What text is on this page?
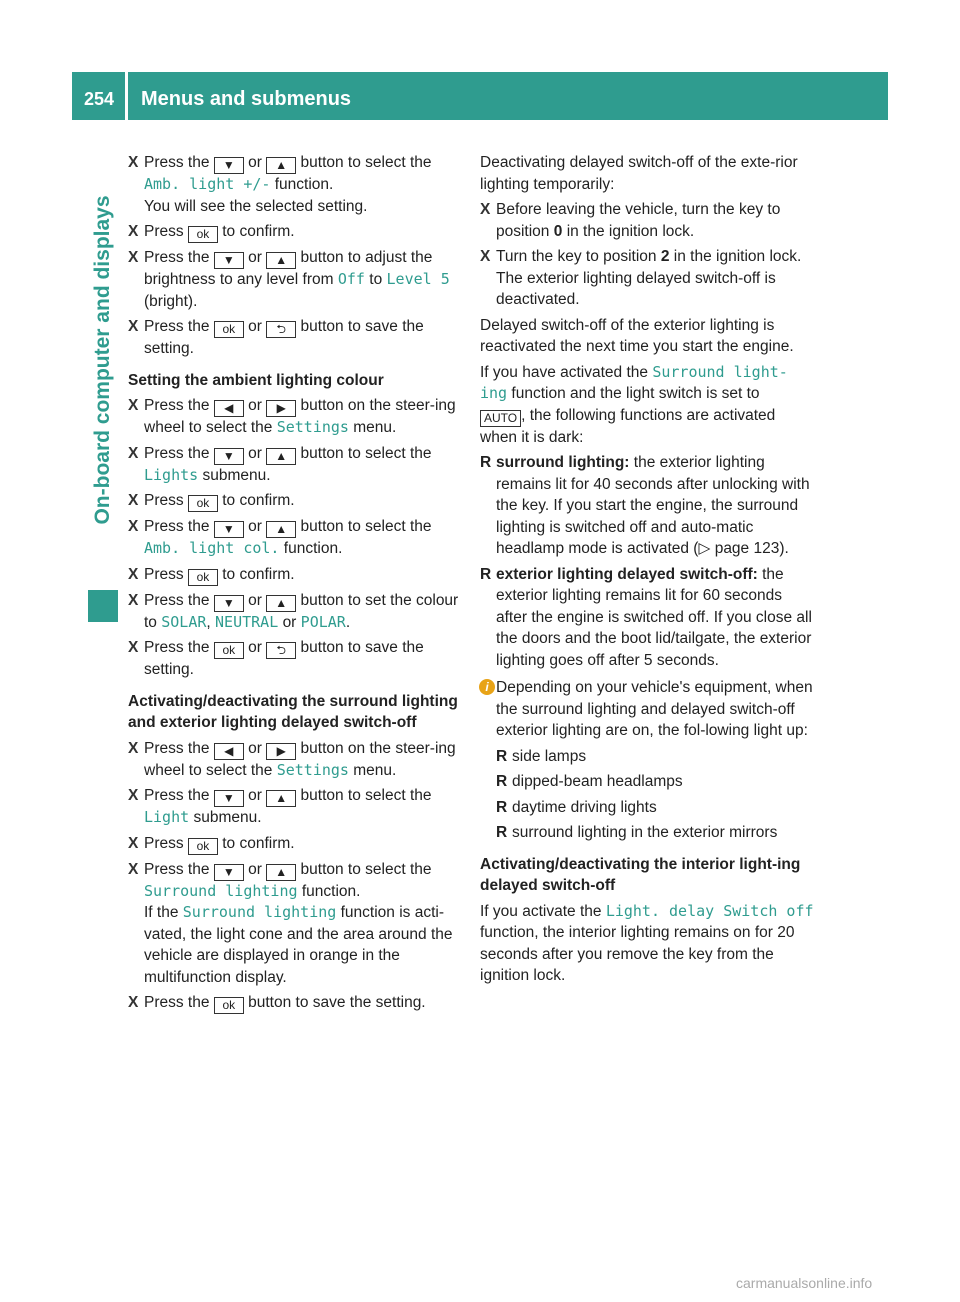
254 Menus and submenus
On-board computer and displays
X Press the ▼ or ▲ button to select the Amb. light +/- function.
You will see the selected setting.
X Press ok to confirm.
X Press the ▼ or ▲ button to adjust the brightness to any level from Off to Level 5 (bright).
X Press the ok or ⮌ button to save the setting.
Setting the ambient lighting colour
X Press the ◀ or ▶ button on the steer-ing wheel to select the Settings menu.
X Press the ▼ or ▲ button to select the Lights submenu.
X Press ok to confirm.
X Press the ▼ or ▲ button to select the Amb. light col. function.
X Press ok to confirm.
X Press the ▼ or ▲ button to set the colour to SOLAR, NEUTRAL or POLAR.
X Press the ok or ⮌ button to save the setting.
Activating/deactivating the surround lighting and exterior lighting delayed switch-off
X Press the ◀ or ▶ button on the steer-ing wheel to select the Settings menu.
X Press the ▼ or ▲ button to select the Light submenu.
X Press ok to confirm.
X Press the ▼ or ▲ button to select the Surround lighting function.
If the Surround lighting function is acti-vated, the light cone and the area around the vehicle are displayed in orange in the multifunction display.
X Press the ok button to save the setting.
Deactivating delayed switch-off of the exte-rior lighting temporarily:
X Before leaving the vehicle, turn the key to position 0 in the ignition lock.
X Turn the key to position 2 in the ignition lock.
The exterior lighting delayed switch-off is deactivated.
Delayed switch-off of the exterior lighting is reactivated the next time you start the engine.
If you have activated the Surround light‐ing function and the light switch is set to
AUTO , the following functions are activated when it is dark:
R surround lighting: the exterior lighting remains lit for 40 seconds after unlocking with the key. If you start the engine, the surround lighting is switched off and auto-matic headlamp mode is activated (▷ page 123).
R exterior lighting delayed switch-off: the exterior lighting remains lit for 60 seconds after the engine is switched off. If you close all the doors and the boot lid/tailgate, the exterior lighting goes off after 5 seconds.
i Depending on your vehicle's equipment, when the surround lighting and delayed switch-off exterior lighting are on, the fol-lowing light up:
R side lamps
R dipped-beam headlamps
R daytime driving lights
R surround lighting in the exterior mirrors
Activating/deactivating the interior light-ing delayed switch-off
If you activate the Light. delay Switch off function, the interior lighting remains on for 20 seconds after you remove the key from the ignition lock.
carmanualsonline.info
